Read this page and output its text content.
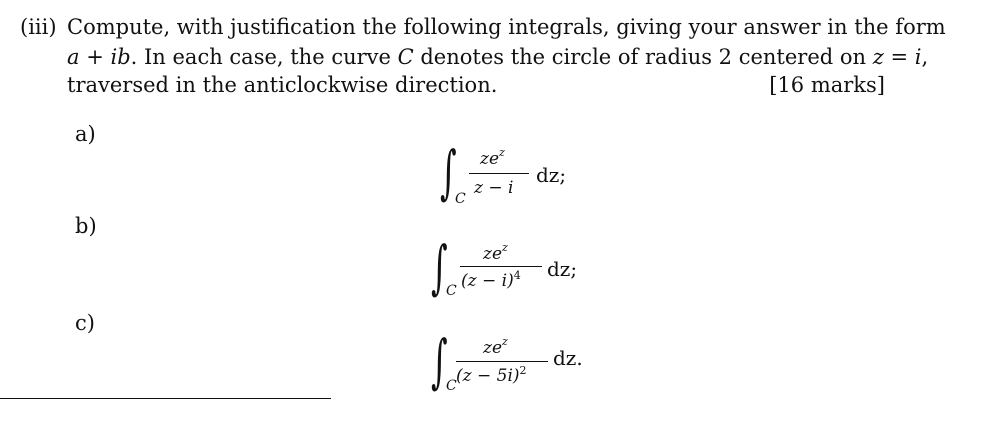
(iii) Compute, with justification the following integrals, giving your answer in the form
a + ib. In each case, the curve C denotes the circle of radius 2 centered on z = i,
traversed in the anticlockwise direction.	[16 marks]
a)
∫
C
$ze^z$
z − i
dz;
b)
∫
C
$ze^z$
$(z - i)^4$ dz;
c)
∫
C
$ze^z$
$(z - 5i)^2$
dz.
